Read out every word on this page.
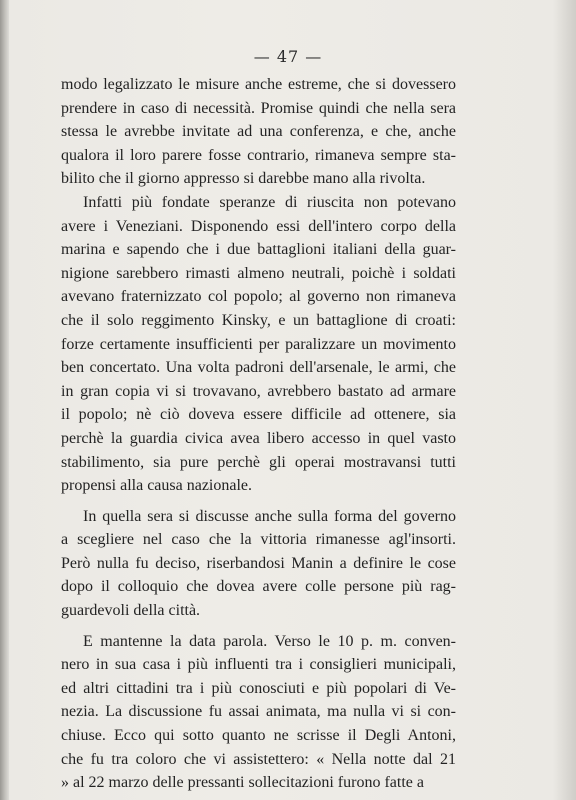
— 47 —
modo legalizzato le misure anche estreme, che si dovessero
prendere in caso di necessità. Promise quindi che nella sera
stessa le avrebbe invitate ad una conferenza, e che, anche
qualora il loro parere fosse contrario, rimaneva sempre sta-
bilito che il giorno appresso si darebbe mano alla rivolta.
Infatti più fondate speranze di riuscita non potevano
avere i Veneziani. Disponendo essi dell'intero corpo della
marina e sapendo che i due battaglioni italiani della guar-
nigione sarebbero rimasti almeno neutrali, poichè i soldati
avevano fraternizzato col popolo; al governo non rimaneva
che il solo reggimento Kinsky, e un battaglione di croati:
forze certamente insufficienti per paralizzare un movimento
ben concertato. Una volta padroni dell'arsenale, le armi, che
in gran copia vi si trovavano, avrebbero bastato ad armare
il popolo; nè ciò doveva essere difficile ad ottenere, sia
perchè la guardia civica avea libero accesso in quel vasto
stabilimento, sia pure perchè gli operai mostravansi tutti
propensi alla causa nazionale.
In quella sera si discusse anche sulla forma del governo
a scegliere nel caso che la vittoria rimanesse agl'insorti.
Però nulla fu deciso, riserbandosi Manin a definire le cose
dopo il colloquio che dovea avere colle persone più rag-
guardevoli della città.
E mantenne la data parola. Verso le 10 p. m. conven-
nero in sua casa i più influenti tra i consiglieri municipali,
ed altri cittadini tra i più conosciuti e più popolari di Ve-
nezia. La discussione fu assai animata, ma nulla vi si con-
chiuse. Ecco qui sotto quanto ne scrisse il Degli Antoni,
che fu tra coloro che vi assistettero: « Nella notte dal 21
» al 22 marzo delle pressanti sollecitazioni furono fatte a
